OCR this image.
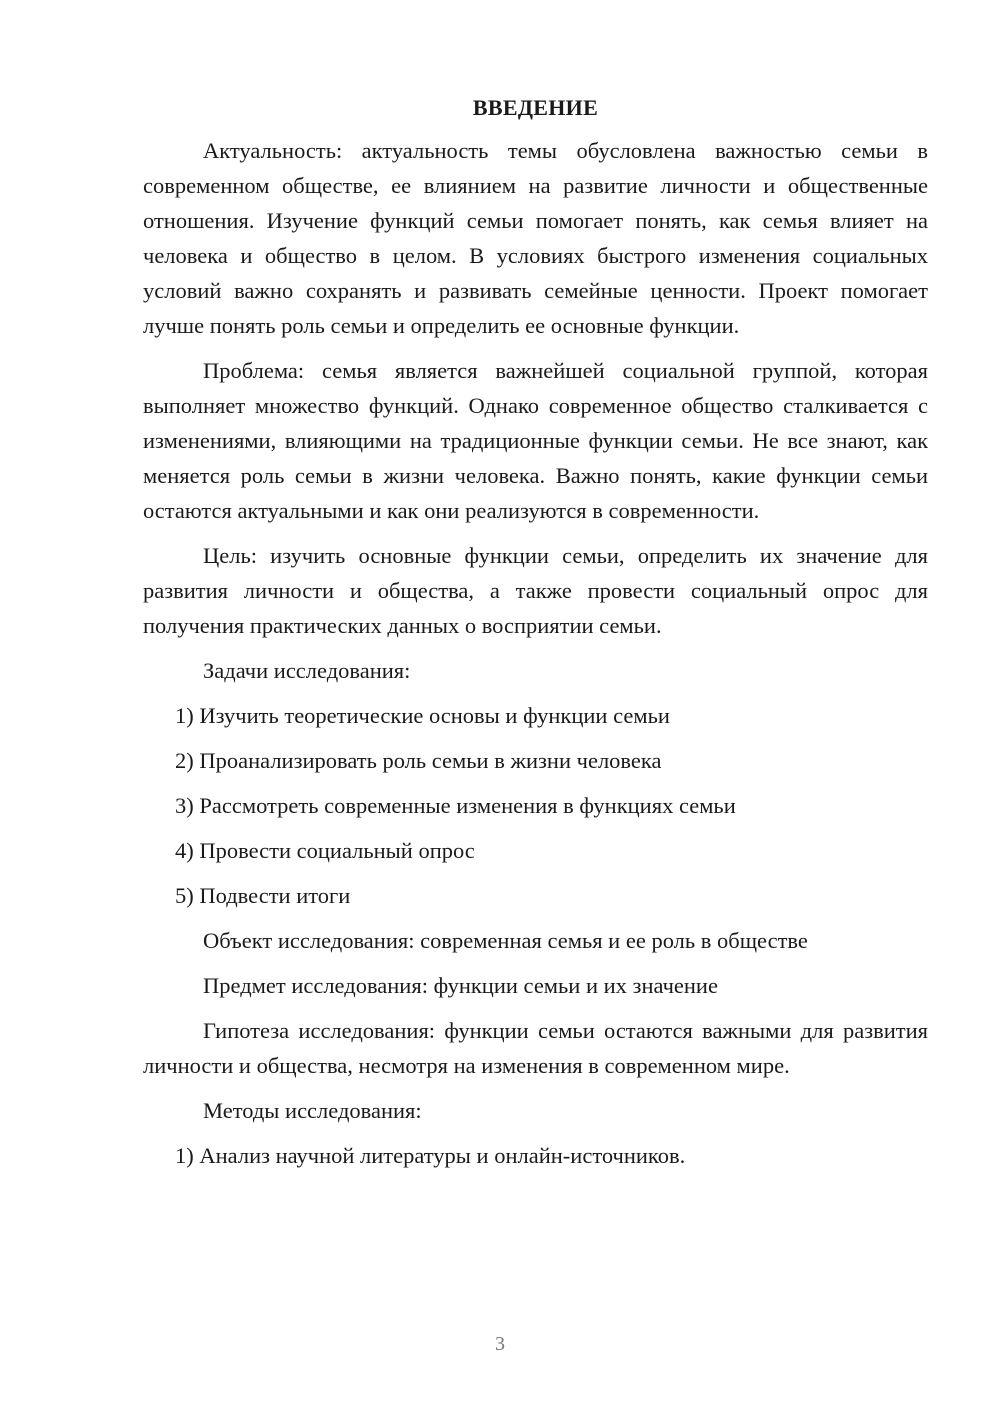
ВВЕДЕНИЕ

Актуальность: актуальность темы обусловлена важностью семьи в современном обществе, ее влиянием на развитие личности и общественные отношения. Изучение функций семьи помогает понять, как семья влияет на человека и общество в целом. В условиях быстрого изменения социальных условий важно сохранять и развивать семейные ценности. Проект помогает лучше понять роль семьи и определить ее основные функции.

Проблема: семья является важнейшей социальной группой, которая выполняет множество функций. Однако современное общество сталкивается с изменениями, влияющими на традиционные функции семьи. Не все знают, как меняется роль семьи в жизни человека. Важно понять, какие функции семьи остаются актуальными и как они реализуются в современности.

Цель: изучить основные функции семьи, определить их значение для развития личности и общества, а также провести социальный опрос для получения практических данных о восприятии семьи.

Задачи исследования:

1) Изучить теоретические основы и функции семьи

2) Проанализировать роль семьи в жизни человека

3) Рассмотреть современные изменения в функциях семьи

4) Провести социальный опрос

5) Подвести итоги

Объект исследования: современная семья и ее роль в обществе

Предмет исследования: функции семьи и их значение

Гипотеза исследования: функции семьи остаются важными для развития личности и общества, несмотря на изменения в современном мире.

Методы исследования:

1) Анализ научной литературы и онлайн-источников.

3
